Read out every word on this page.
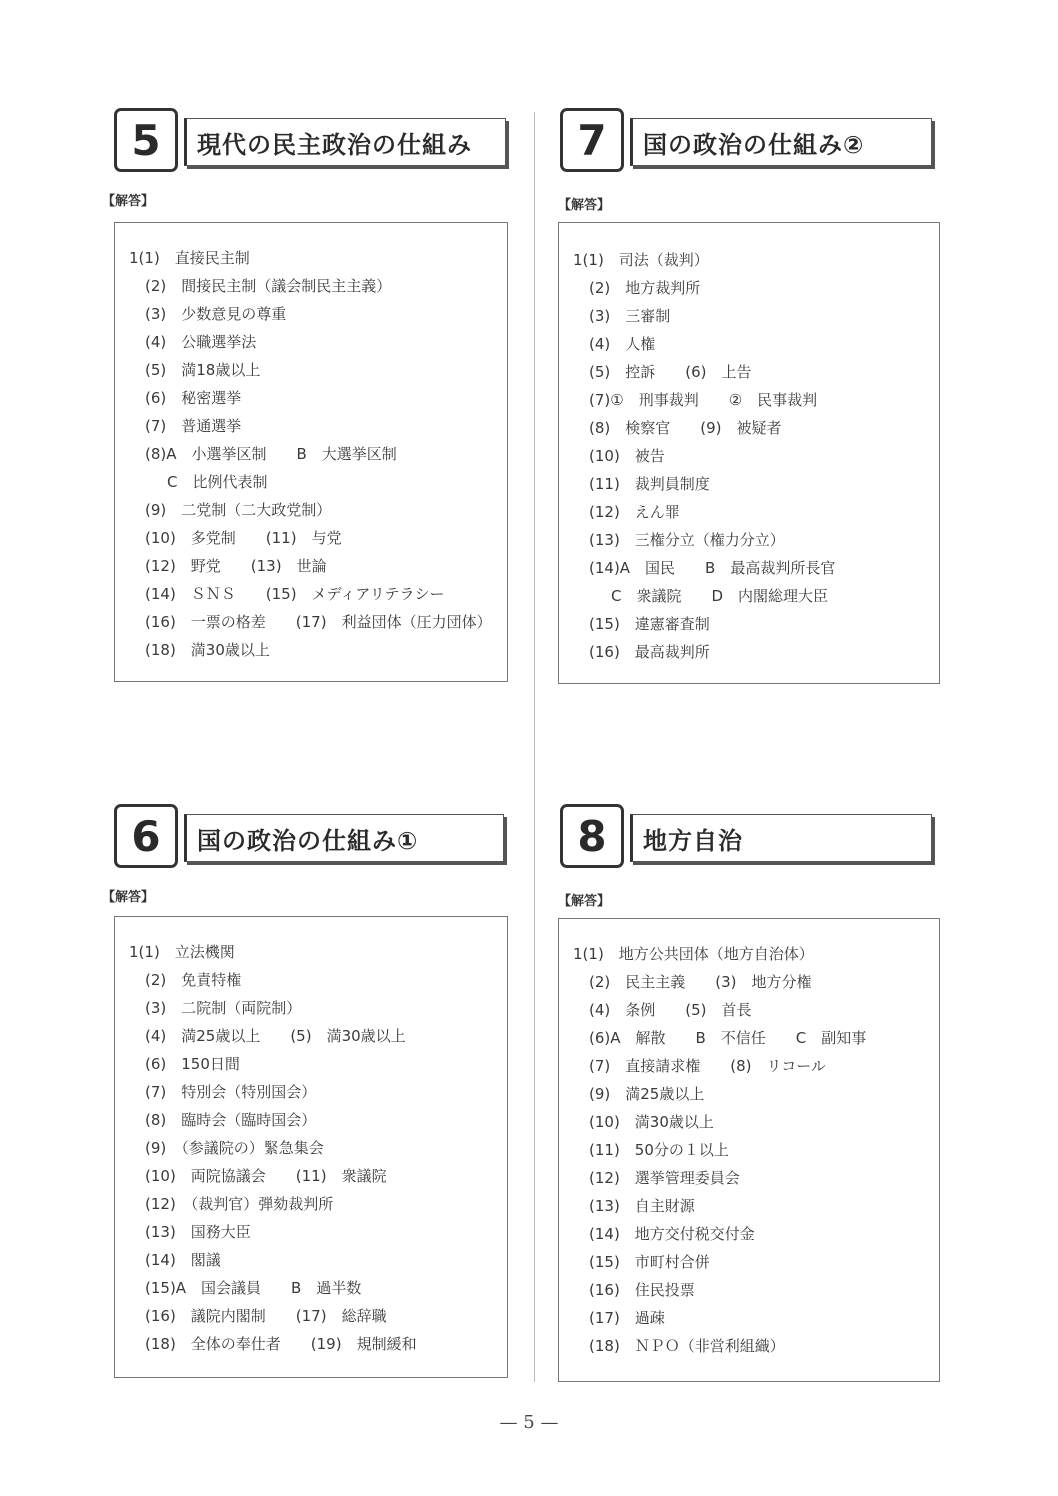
5	現代の民主政治の仕組み
【解答】
1(1)　直接民主制
(2)　間接民主制（議会制民主主義）
(3)　少数意見の尊重
(4)　公職選挙法
(5)　満18歳以上
(6)　秘密選挙
(7)　普通選挙
(8)A　小選挙区制　　B　大選挙区制
C　比例代表制
(9)　二党制（二大政党制）
(10)　多党制　　(11)　与党
(12)　野党　　(13)　世論
(14)　ＳＮＳ　　(15)　メディアリテラシー
(16)　一票の格差　　(17)　利益団体（圧力団体）
(18)　満30歳以上
7	国の政治の仕組み②
【解答】
1(1)　司法（裁判）
(2)　地方裁判所
(3)　三審制
(4)　人権
(5)　控訴　　(6)　上告
(7)①　刑事裁判　　②　民事裁判
(8)　検察官　　(9)　被疑者
(10)　被告
(11)　裁判員制度
(12)　えん罪
(13)　三権分立（権力分立）
(14)A　国民　　B　最高裁判所長官
C　衆議院　　D　内閣総理大臣
(15)　違憲審査制
(16)　最高裁判所
6	国の政治の仕組み①
【解答】
1(1)　立法機関
(2)　免責特権
(3)　二院制（両院制）
(4)　満25歳以上　　(5)　満30歳以上
(6)　150日間
(7)　特別会（特別国会）
(8)　臨時会（臨時国会）
(9)　（参議院の）緊急集会
(10)　両院協議会　　(11)　衆議院
(12)　（裁判官）弾劾裁判所
(13)　国務大臣
(14)　閣議
(15)A　国会議員　　B　過半数
(16)　議院内閣制　　(17)　総辞職
(18)　全体の奉仕者　　(19)　規制緩和
8	地方自治
【解答】
1(1)　地方公共団体（地方自治体）
(2)　民主主義　　(3)　地方分権
(4)　条例　　(5)　首長
(6)A　解散　　B　不信任　　C　副知事
(7)　直接請求権　　(8)　リコール
(9)　満25歳以上
(10)　満30歳以上
(11)　50分の１以上
(12)　選挙管理委員会
(13)　自主財源
(14)　地方交付税交付金
(15)　市町村合併
(16)　住民投票
(17)　過疎
(18)　ＮＰＯ（非営利組織）
— 5 —
